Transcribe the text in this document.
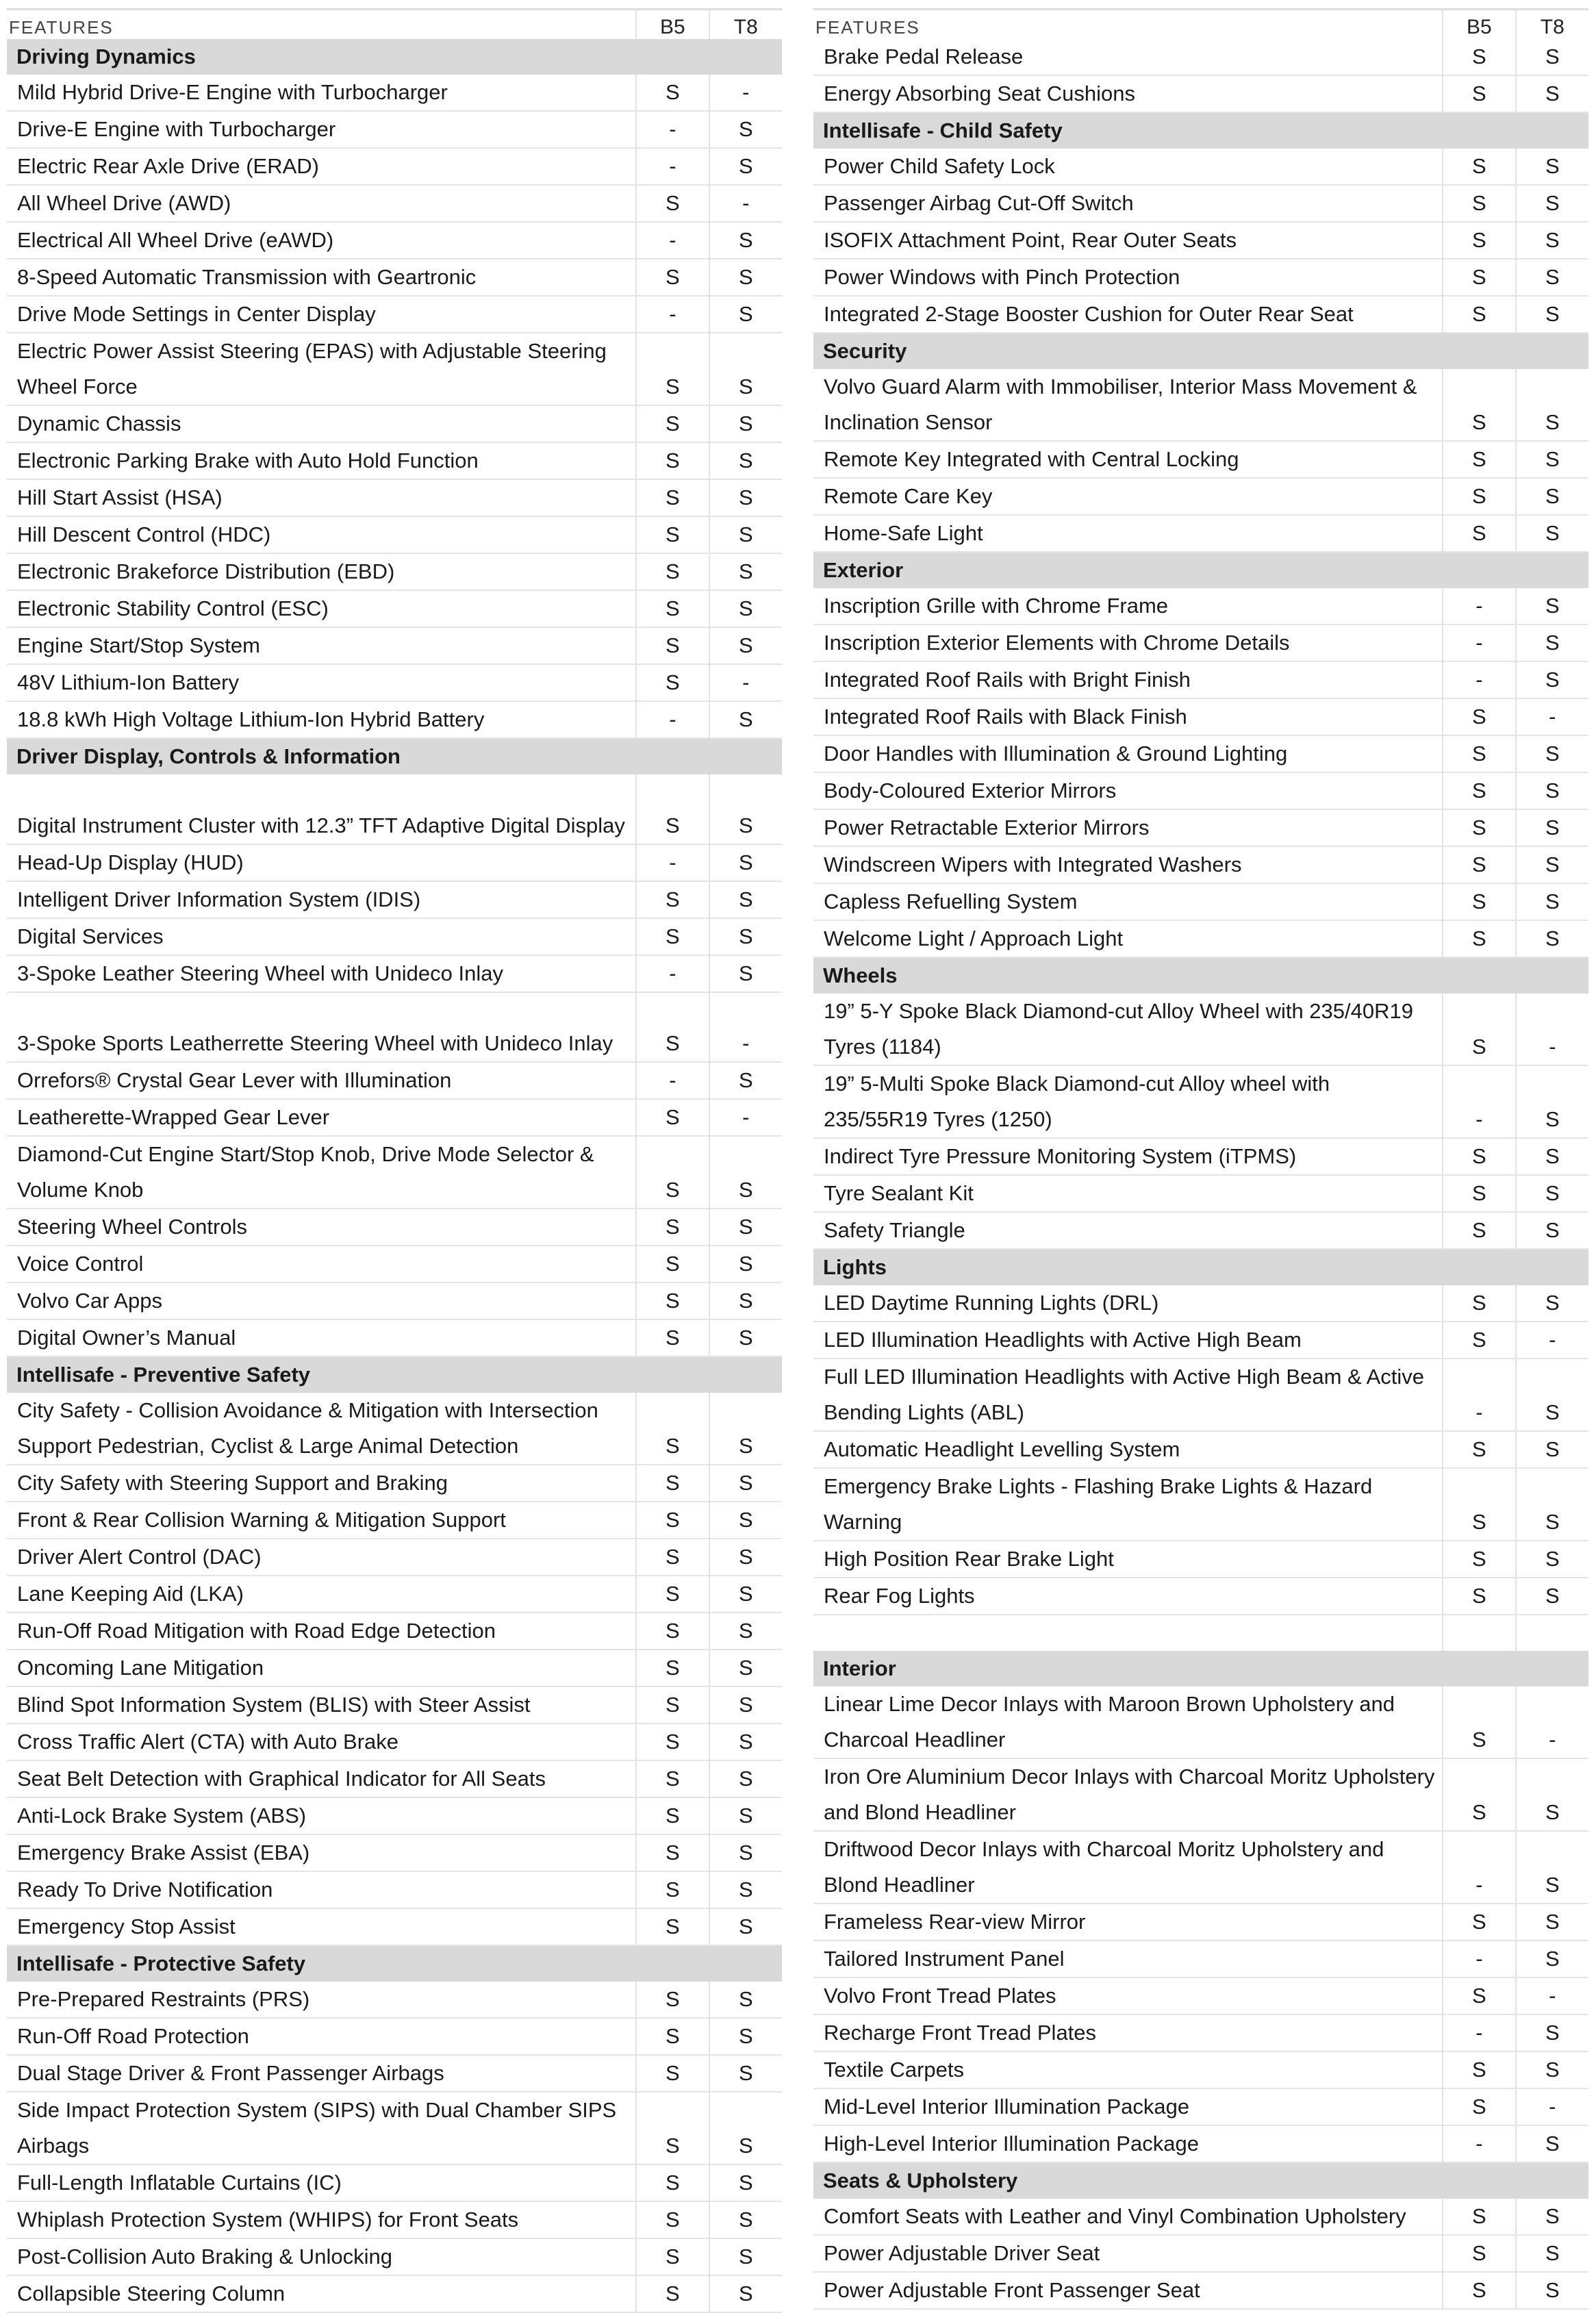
FEATURES	B5	T8
Driving Dynamics		
Mild Hybrid Drive-E Engine with Turbocharger	S	-
Drive-E Engine with Turbocharger	-	S
Electric Rear Axle Drive (ERAD)	-	S
All Wheel Drive (AWD)	S	-
Electrical All Wheel Drive (eAWD)	-	S
8-Speed Automatic Transmission with Geartronic	S	S
Drive Mode Settings in Center Display	-	S
Electric Power Assist Steering (EPAS) with Adjustable Steering Wheel Force	S	S
Dynamic Chassis	S	S
Electronic Parking Brake with Auto Hold Function	S	S
Hill Start Assist (HSA)	S	S
Hill Descent Control (HDC)	S	S
Electronic Brakeforce Distribution (EBD)	S	S
Electronic Stability Control (ESC)	S	S
Engine Start/Stop System	S	S
48V Lithium-Ion Battery	S	-
18.8 kWh High Voltage Lithium-Ion Hybrid Battery	-	S
Driver Display, Controls & Information		
Digital Instrument Cluster with 12.3” TFT Adaptive Digital Display	S	S
Head-Up Display (HUD)	-	S
Intelligent Driver Information System (IDIS)	S	S
Digital Services	S	S
3-Spoke Leather Steering Wheel with Unideco Inlay	-	S
3-Spoke Sports Leatherrette Steering Wheel with Unideco Inlay	S	-
Orrefors® Crystal Gear Lever with Illumination	-	S
Leatherette-Wrapped Gear Lever	S	-
Diamond-Cut Engine Start/Stop Knob, Drive Mode Selector & Volume Knob	S	S
Steering Wheel Controls	S	S
Voice Control	S	S
Volvo Car Apps	S	S
Digital Owner’s Manual	S	S
Intellisafe - Preventive Safety		
City Safety - Collision Avoidance & Mitigation with Intersection Support Pedestrian, Cyclist & Large Animal Detection	S	S
City Safety with Steering Support and Braking	S	S
Front & Rear Collision Warning & Mitigation Support	S	S
Driver Alert Control (DAC)	S	S
Lane Keeping Aid (LKA)	S	S
Run-Off Road Mitigation with Road Edge Detection	S	S
Oncoming Lane Mitigation	S	S
Blind Spot Information System (BLIS) with Steer Assist	S	S
Cross Traffic Alert (CTA) with Auto Brake	S	S
Seat Belt Detection with Graphical Indicator for All Seats	S	S
Anti-Lock Brake System (ABS)	S	S
Emergency Brake Assist (EBA)	S	S
Ready To Drive Notification	S	S
Emergency Stop Assist	S	S
Intellisafe - Protective Safety		
Pre-Prepared Restraints (PRS)	S	S
Run-Off Road Protection	S	S
Dual Stage Driver & Front Passenger Airbags	S	S
Side Impact Protection System (SIPS) with Dual Chamber SIPS Airbags	S	S
Full-Length Inflatable Curtains (IC)	S	S
Whiplash Protection System (WHIPS) for Front Seats	S	S
Post-Collision Auto Braking & Unlocking	S	S
Collapsible Steering Column	S	S
FEATURES	B5	T8
Brake Pedal Release	S	S
Energy Absorbing Seat Cushions	S	S
Intellisafe - Child Safety		
Power Child Safety Lock	S	S
Passenger Airbag Cut-Off Switch	S	S
ISOFIX Attachment Point, Rear Outer Seats	S	S
Power Windows with Pinch Protection	S	S
Integrated 2-Stage Booster Cushion for Outer Rear Seat	S	S
Security		
Volvo Guard Alarm with Immobiliser, Interior Mass Movement & Inclination Sensor	S	S
Remote Key Integrated with Central Locking	S	S
Remote Care Key	S	S
Home-Safe Light	S	S
Exterior		
Inscription Grille with Chrome Frame	-	S
Inscription Exterior Elements with Chrome Details	-	S
Integrated Roof Rails with Bright Finish	-	S
Integrated Roof Rails with Black Finish	S	-
Door Handles with Illumination & Ground Lighting	S	S
Body-Coloured Exterior Mirrors	S	S
Power Retractable Exterior Mirrors	S	S
Windscreen Wipers with Integrated Washers	S	S
Capless Refuelling System	S	S
Welcome Light / Approach Light	S	S
Wheels		
19” 5-Y Spoke Black Diamond-cut Alloy Wheel with 235/40R19 Tyres (1184)	S	-
19” 5-Multi Spoke Black Diamond-cut Alloy wheel with 235/55R19 Tyres (1250)	-	S
Indirect Tyre Pressure Monitoring System (iTPMS)	S	S
Tyre Sealant Kit	S	S
Safety Triangle	S	S
Lights		
LED Daytime Running Lights (DRL)	S	S
LED Illumination Headlights with Active High Beam	S	-
Full LED Illumination Headlights with Active High Beam & Active Bending Lights (ABL)	-	S
Automatic Headlight Levelling System	S	S
Emergency Brake Lights - Flashing Brake Lights & Hazard Warning	S	S
High Position Rear Brake Light	S	S
Rear Fog Lights	S	S

Interior		
Linear Lime Decor Inlays with Maroon Brown Upholstery and Charcoal Headliner	S	-
Iron Ore Aluminium Decor Inlays with Charcoal Moritz Upholstery and Blond Headliner	S	S
Driftwood Decor Inlays with Charcoal Moritz Upholstery and Blond Headliner	-	S
Frameless Rear-view Mirror	S	S
Tailored Instrument Panel	-	S
Volvo Front Tread Plates	S	-
Recharge Front Tread Plates	-	S
Textile Carpets	S	S
Mid-Level Interior Illumination Package	S	-
High-Level Interior Illumination Package	-	S
Seats & Upholstery		
Comfort Seats with Leather and Vinyl Combination Upholstery	S	S
Power Adjustable Driver Seat	S	S
Power Adjustable Front Passenger Seat	S	S
